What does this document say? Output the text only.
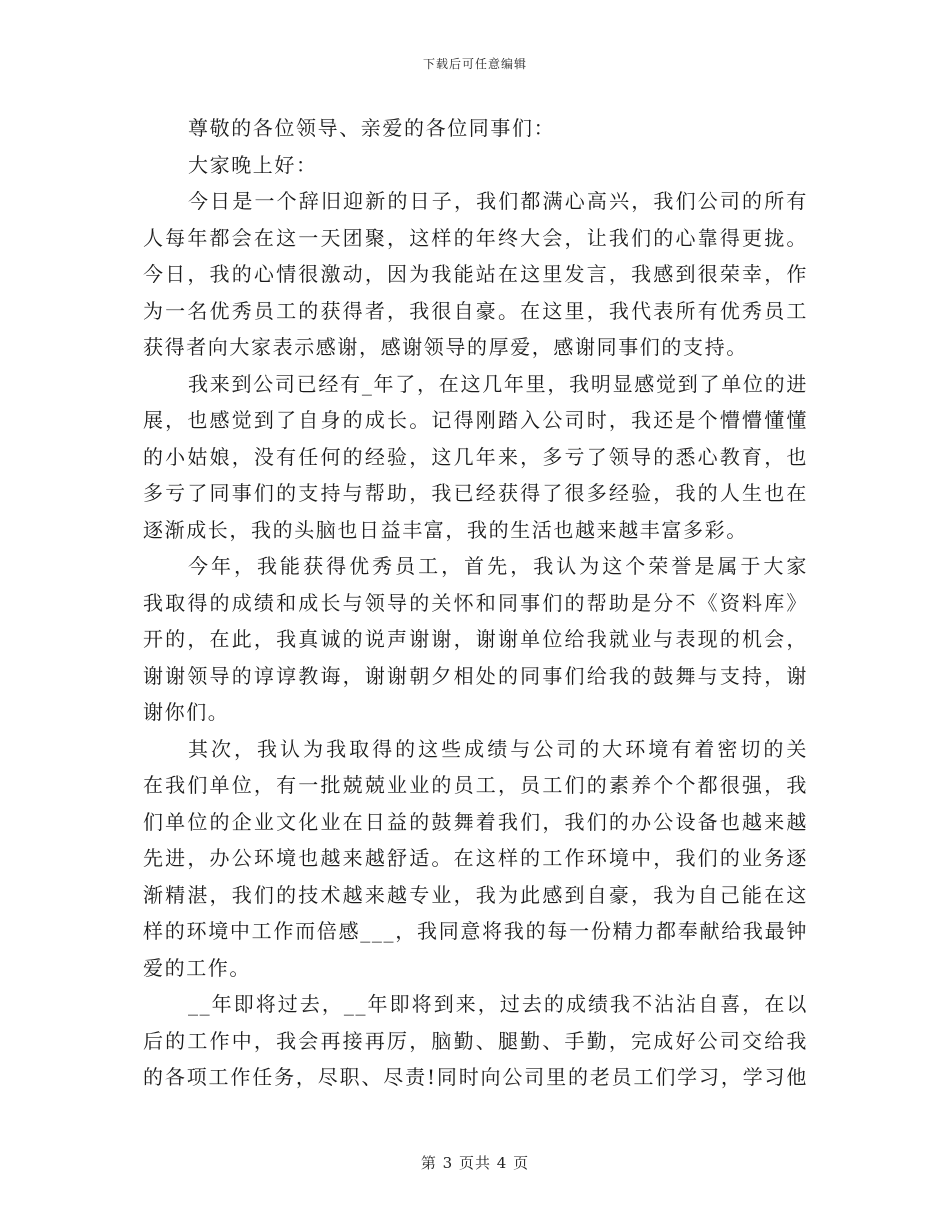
下载后可任意编辑
尊敬的各位领导、亲爱的各位同事们：
大家晚上好：
今日是一个辞旧迎新的日子，我们都满心高兴，我们公司的所有
人每年都会在这一天团聚，这样的年终大会，让我们的心靠得更拢。
今日，我的心情很激动，因为我能站在这里发言，我感到很荣幸，作
为一名优秀员工的获得者，我很自豪。在这里，我代表所有优秀员工
获得者向大家表示感谢，感谢领导的厚爱，感谢同事们的支持。
我来到公司已经有_年了，在这几年里，我明显感觉到了单位的进
展，也感觉到了自身的成长。记得刚踏入公司时，我还是个懵懵懂懂
的小姑娘，没有任何的经验，这几年来，多亏了领导的悉心教育，也
多亏了同事们的支持与帮助，我已经获得了很多经验，我的人生也在
逐渐成长，我的头脑也日益丰富，我的生活也越来越丰富多彩。
今年，我能获得优秀员工，首先，我认为这个荣誉是属于大家
我取得的成绩和成长与领导的关怀和同事们的帮助是分不《资料库》
开的，在此，我真诚的说声谢谢，谢谢单位给我就业与表现的机会，
谢谢领导的谆谆教诲，谢谢朝夕相处的同事们给我的鼓舞与支持，谢
谢你们。
其次，我认为我取得的这些成绩与公司的大环境有着密切的关
在我们单位，有一批兢兢业业的员工，员工们的素养个个都很强，我
们单位的企业文化业在日益的鼓舞着我们，我们的办公设备也越来越
先进，办公环境也越来越舒适。在这样的工作环境中，我们的业务逐
渐精湛，我们的技术越来越专业，我为此感到自豪，我为自己能在这
样的环境中工作而倍感___，我同意将我的每一份精力都奉献给我最钟
爱的工作。
__年即将过去，__年即将到来，过去的成绩我不沾沾自喜，在以
后的工作中，我会再接再厉，脑勤、腿勤、手勤，完成好公司交给我
的各项工作任务，尽职、尽责!同时向公司里的老员工们学习，学习他
第 3 页共 4 页
